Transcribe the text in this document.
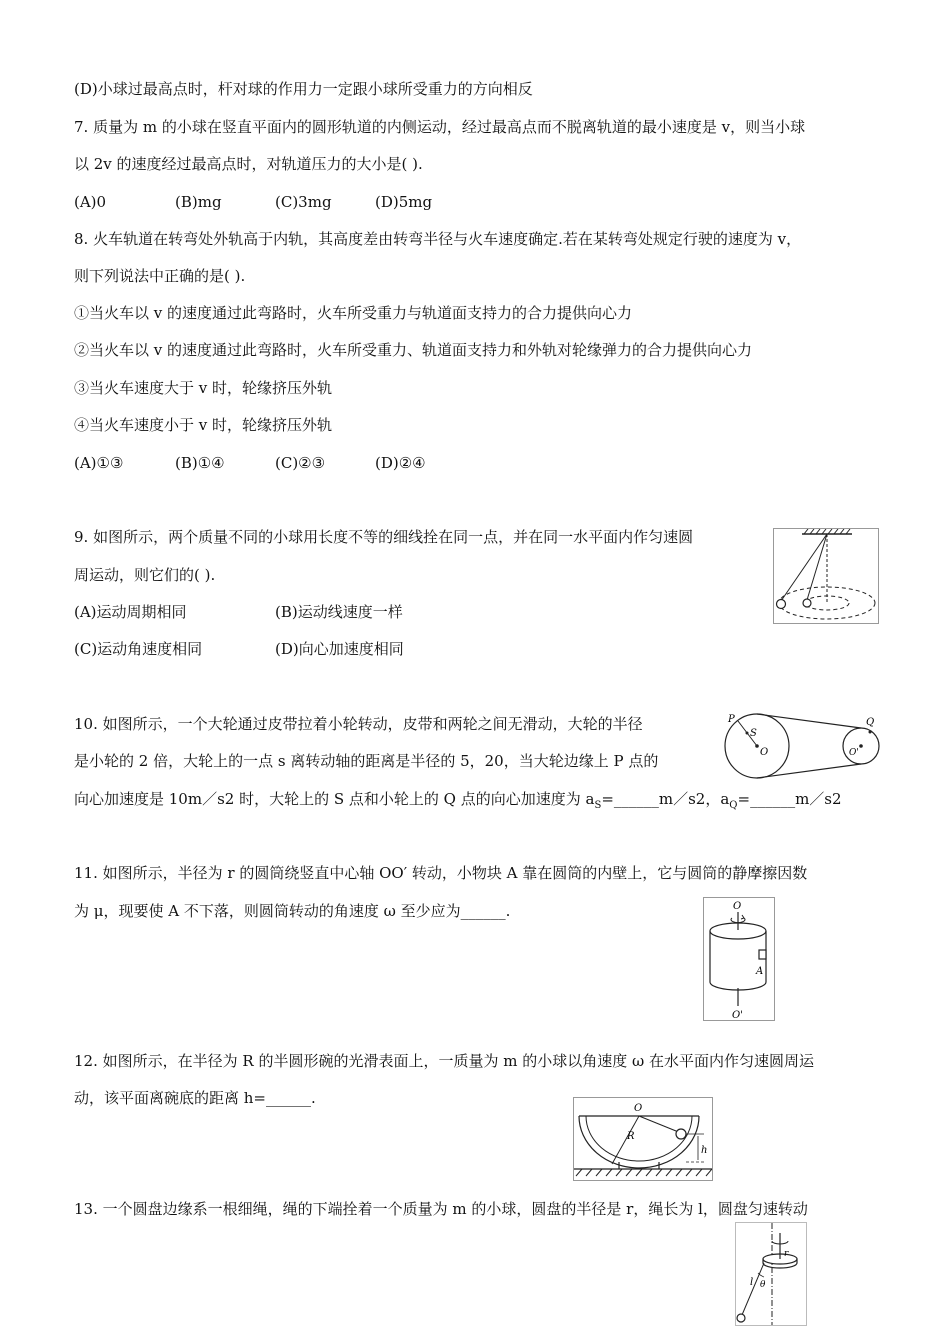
(D)小球过最高点时，杆对球的作用力一定跟小球所受重力的方向相反
7. 质量为 m 的小球在竖直平面内的圆形轨道的内侧运动，经过最高点而不脱离轨道的最小速度是 v，则当小球
以 2v 的速度经过最高点时，对轨道压力的大小是( ).
(A)0	(B)mg	(C)3mg	(D)5mg
8. 火车轨道在转弯处外轨高于内轨，其高度差由转弯半径与火车速度确定.若在某转弯处规定行驶的速度为 v，
则下列说法中正确的是( ).
①当火车以 v 的速度通过此弯路时，火车所受重力与轨道面支持力的合力提供向心力
②当火车以 v 的速度通过此弯路时，火车所受重力、轨道面支持力和外轨对轮缘弹力的合力提供向心力
③当火车速度大于 v 时，轮缘挤压外轨
④当火车速度小于 v 时，轮缘挤压外轨
(A)①③	(B)①④	(C)②③	(D)②④
9. 如图所示，两个质量不同的小球用长度不等的细线拴在同一点，并在同一水平面内作匀速圆
周运动，则它们的( ).
(A)运动周期相同	(B)运动线速度一样
(C)运动角速度相同	(D)向心加速度相同
10. 如图所示，一个大轮通过皮带拉着小轮转动，皮带和两轮之间无滑动，大轮的半径
是小轮的 2 倍，大轮上的一点 s 离转动轴的距离是半径的 5，20，当大轮边缘上 P 点的
向心加速度是 10m／s2 时，大轮上的 S 点和小轮上的 Q 点的向心加速度为 $a_S=\_\_\_\_\_\_m/s2$，$a_Q=\_\_\_\_\_\_m/s2$
P
S
O
Q
O'
11. 如图所示，半径为 r 的圆筒绕竖直中心轴 OO′ 转动，小物块 A 靠在圆筒的内壁上，它与圆筒的静摩擦因数
为 μ，现要使 A 不下落，则圆筒转动的角速度 ω 至少应为______.	O
A
O'
12. 如图所示，在半径为 R 的半圆形碗的光滑表面上，一质量为 m 的小球以角速度 ω 在水平面内作匀速圆周运
动，该平面离碗底的距离 h=______.
O
R
h
13. 一个圆盘边缘系一根细绳，绳的下端拴着一个质量为 m 的小球，圆盘的半径是 r，绳长为 l，圆盘匀速转动
r
l θ
